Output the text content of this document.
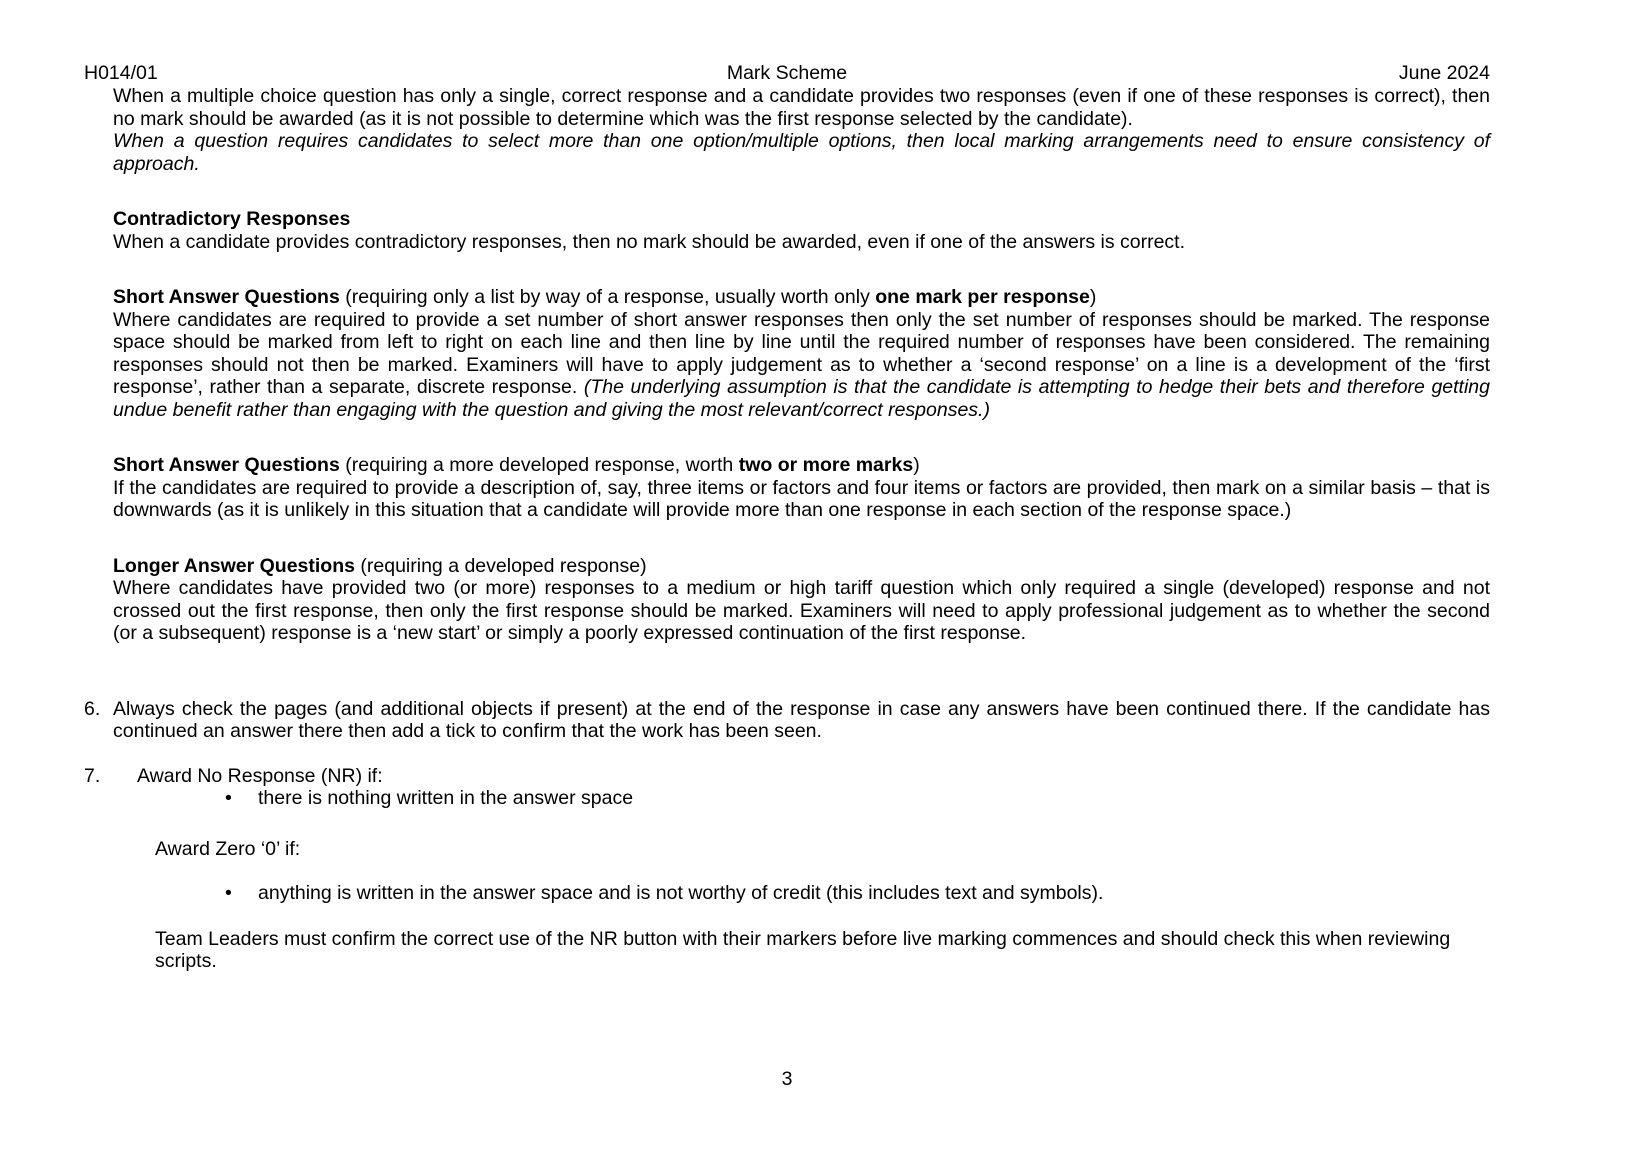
H014/01	Mark Scheme	June 2024

When a multiple choice question has only a single, correct response and a candidate provides two responses (even if one of these responses is correct), then no mark should be awarded (as it is not possible to determine which was the first response selected by the candidate).

When a question requires candidates to select more than one option/multiple options, then local marking arrangements need to ensure consistency of approach.

Contradictory Responses

When a candidate provides contradictory responses, then no mark should be awarded, even if one of the answers is correct.

Short Answer Questions (requiring only a list by way of a response, usually worth only one mark per response)

Where candidates are required to provide a set number of short answer responses then only the set number of responses should be marked. The response space should be marked from left to right on each line and then line by line until the required number of responses have been considered. The remaining responses should not then be marked. Examiners will have to apply judgement as to whether a ‘second response’ on a line is a development of the ‘first response’, rather than a separate, discrete response. (The underlying assumption is that the candidate is attempting to hedge their bets and therefore getting undue benefit rather than engaging with the question and giving the most relevant/correct responses.)

Short Answer Questions (requiring a more developed response, worth two or more marks)

If the candidates are required to provide a description of, say, three items or factors and four items or factors are provided, then mark on a similar basis – that is downwards (as it is unlikely in this situation that a candidate will provide more than one response in each section of the response space.)

Longer Answer Questions (requiring a developed response)

Where candidates have provided two (or more) responses to a medium or high tariff question which only required a single (developed) response and not crossed out the first response, then only the first response should be marked. Examiners will need to apply professional judgement as to whether the second (or a subsequent) response is a ‘new start’ or simply a poorly expressed continuation of the first response.

6. Always check the pages (and additional objects if present) at the end of the response in case any answers have been continued there. If the candidate has continued an answer there then add a tick to confirm that the work has been seen.

7.	Award No Response (NR) if:

•	there is nothing written in the answer space

Award Zero ‘0’ if:

•	anything is written in the answer space and is not worthy of credit (this includes text and symbols).

Team Leaders must confirm the correct use of the NR button with their markers before live marking commences and should check this when reviewing scripts.

3
